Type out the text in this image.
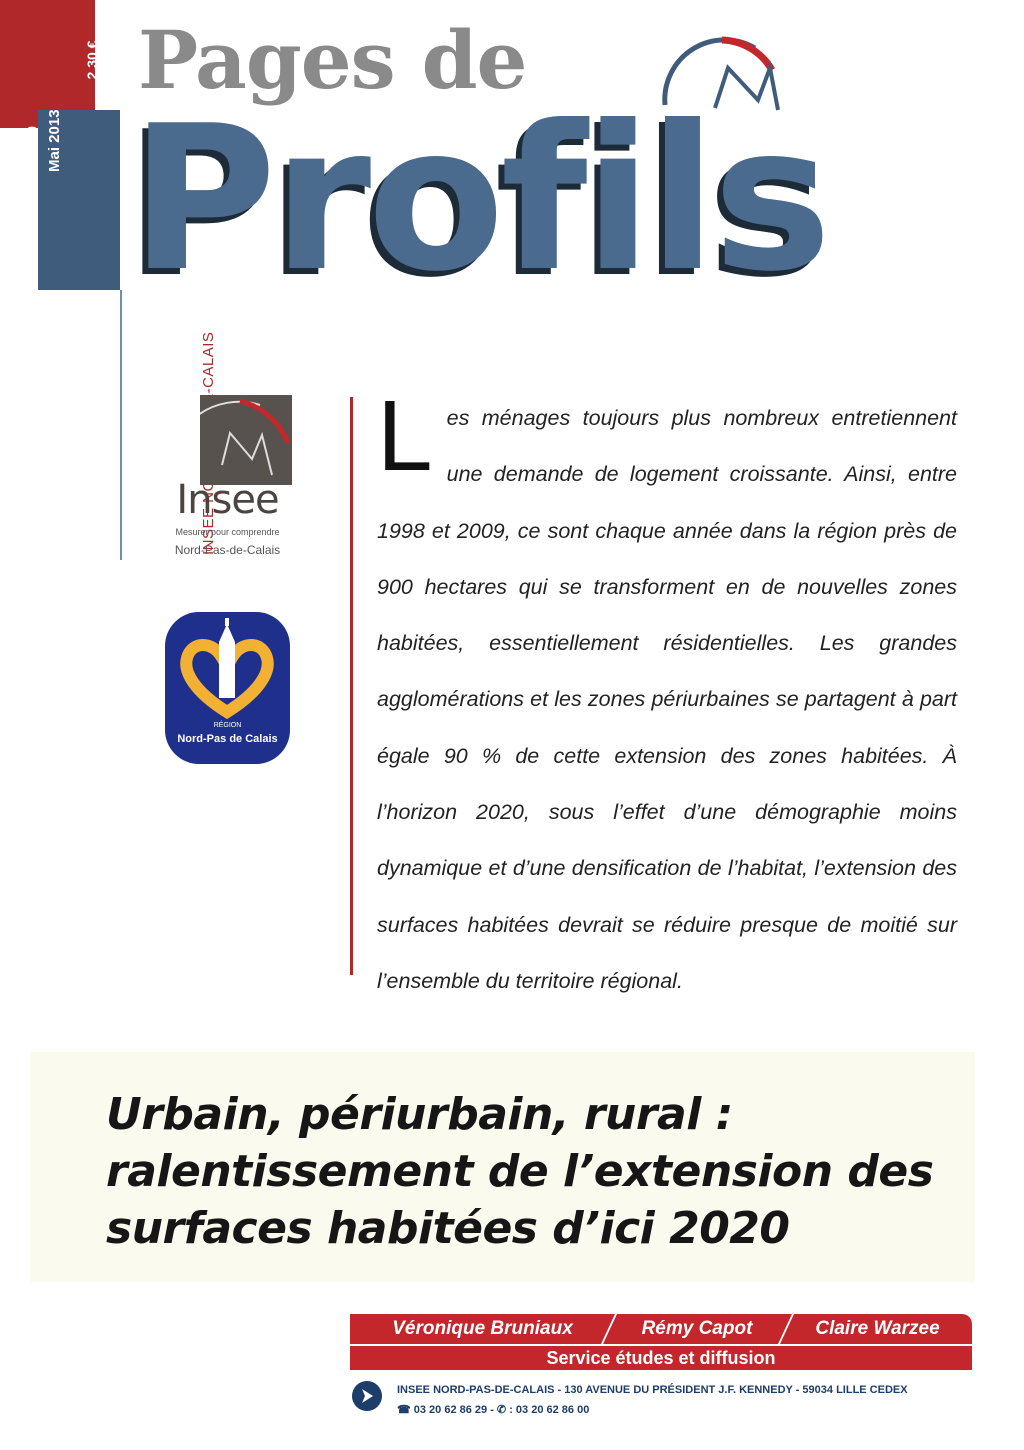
2,30 €
N° 130 Mai 2013
Pages de
Profils
Insee
Mesurer pour comprendre
Nord-Pas-de-Calais
RÉGION
Nord-Pas de Calais
Les ménages toujours plus nombreux entretiennent une demande de logement croissante. Ainsi, entre 1998 et 2009, ce sont chaque année dans la région près de 900 hectares qui se transforment en de nouvelles zones habitées, essentiellement résidentielles. Les grandes agglomérations et les zones périurbaines se partagent à part égale 90 % de cette extension des zones habitées. À l’horizon 2020, sous l’effet d’une démographie moins dynamique et d’une densification de l’habitat, l’extension des surfaces habitées devrait se réduire presque de moitié sur l’ensemble du territoire régional.
Urbain, périurbain, rural :
ralentissement de l’extension des
surfaces habitées d’ici 2020
Véronique Bruniaux	Rémy Capot	Claire Warzee
Service études et diffusion
INSEE NORD-PAS-DE-CALAIS - 130 AVENUE DU PRÉSIDENT J.F. KENNEDY - 59034 LILLE CEDEX
☎ 03 20 62 86 29 - ✆ : 03 20 62 86 00
